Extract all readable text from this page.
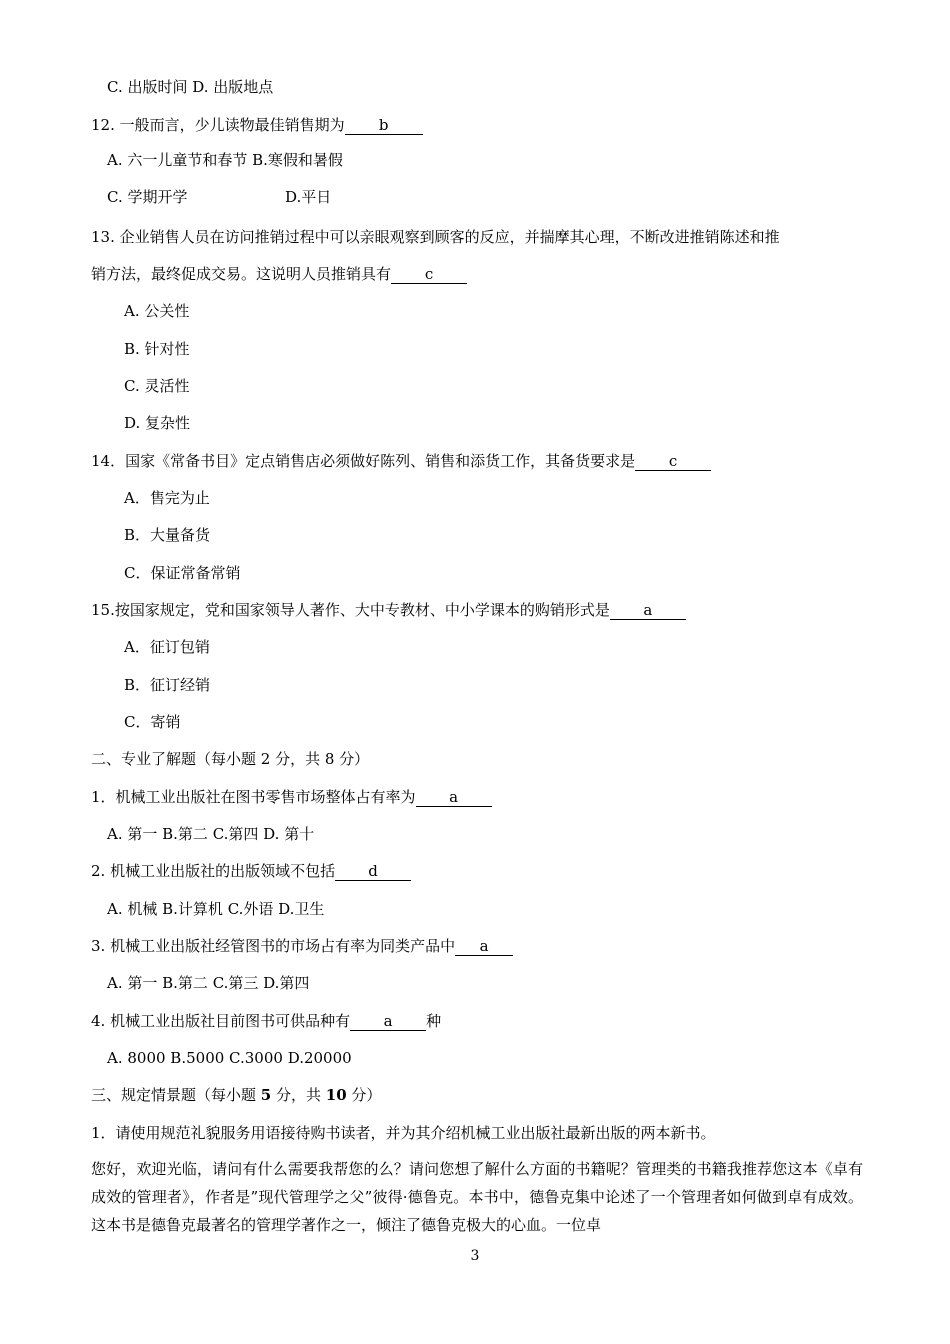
C. 出版时间 D. 出版地点
12. 一般而言，少儿读物最佳销售期为 b
A. 六一儿童节和春节 B.寒假和暑假
C. 学期开学	D.平日
13. 企业销售人员在访问推销过程中可以亲眼观察到顾客的反应，并揣摩其心理，不断改进推销陈述和推
销方法，最终促成交易。这说明人员推销具有 c
A. 公关性
B. 针对性
C. 灵活性
D. 复杂性
14．国家《常备书目》定点销售店必须做好陈列、销售和添货工作，其备货要求是 c
A．售完为止
B．大量备货
C．保证常备常销
15.按国家规定，党和国家领导人著作、大中专教材、中小学课本的购销形式是 a
A．征订包销
B．征订经销
C．寄销
二、专业了解题（每小题 2 分，共 8 分）
1．机械工业出版社在图书零售市场整体占有率为 a
A. 第一 B.第二 C.第四 D. 第十
2. 机械工业出版社的出版领域不包括 d
A. 机械 B.计算机 C.外语 D.卫生
3. 机械工业出版社经管图书的市场占有率为同类产品中 a
A. 第一 B.第二 C.第三 D.第四
4. 机械工业出版社目前图书可供品种有 a 种
A. 8000 B.5000 C.3000 D.20000
三、规定情景题（每小题 5 分，共 10 分）
1．请使用规范礼貌服务用语接待购书读者，并为其介绍机械工业出版社最新出版的两本新书。
您好，欢迎光临，请问有什么需要我帮您的么？请问您想了解什么方面的书籍呢？管理类的书籍我推荐您这本《卓有成效的管理者》，作者是”现代管理学之父”彼得·德鲁克。本书中，德鲁克集中论述了一个管理者如何做到卓有成效。这本书是德鲁克最著名的管理学著作之一，倾注了德鲁克极大的心血。一位卓
3
